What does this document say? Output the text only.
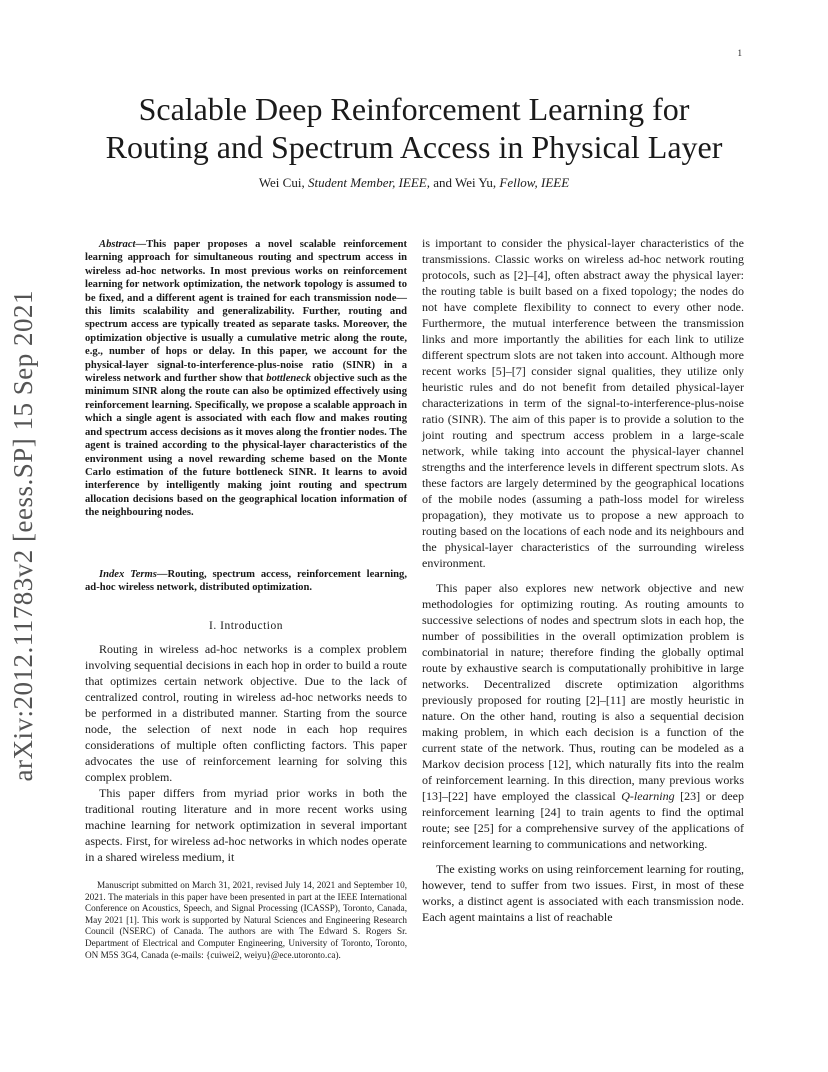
1
arXiv:2012.11783v2 [eess.SP] 15 Sep 2021
Scalable Deep Reinforcement Learning for
Routing and Spectrum Access in Physical Layer
Wei Cui, Student Member, IEEE, and Wei Yu, Fellow, IEEE

Abstract—This paper proposes a novel scalable reinforcement learning approach for simultaneous routing and spectrum access in wireless ad-hoc networks. In most previous works on reinforcement learning for network optimization, the network topology is assumed to be fixed, and a different agent is trained for each transmission node—this limits scalability and generalizability. Further, routing and spectrum access are typically treated as separate tasks. Moreover, the optimization objective is usually a cumulative metric along the route, e.g., number of hops or delay. In this paper, we account for the physical-layer signal-to-interference-plus-noise ratio (SINR) in a wireless network and further show that bottleneck objective such as the minimum SINR along the route can also be optimized effectively using reinforcement learning. Specifically, we propose a scalable approach in which a single agent is associated with each flow and makes routing and spectrum access decisions as it moves along the frontier nodes. The agent is trained according to the physical-layer characteristics of the environment using a novel rewarding scheme based on the Monte Carlo estimation of the future bottleneck SINR. It learns to avoid interference by intelligently making joint routing and spectrum allocation decisions based on the geographical location information of the neighbouring nodes.

Index Terms—Routing, spectrum access, reinforcement learning, ad-hoc wireless network, distributed optimization.

I. Introduction

Routing in wireless ad-hoc networks is a complex problem involving sequential decisions in each hop in order to build a route that optimizes certain network objective. Due to the lack of centralized control, routing in wireless ad-hoc networks needs to be performed in a distributed manner. Starting from the source node, the selection of next node in each hop requires considerations of multiple often conflicting factors. This paper advocates the use of reinforcement learning for solving this complex problem.

This paper differs from myriad prior works in both the traditional routing literature and in more recent works using machine learning for network optimization in several important aspects. First, for wireless ad-hoc networks in which nodes operate in a shared wireless medium, it

Manuscript submitted on March 31, 2021, revised July 14, 2021 and September 10, 2021. The materials in this paper have been presented in part at the IEEE International Conference on Acoustics, Speech, and Signal Processing (ICASSP), Toronto, Canada, May 2021 [1]. This work is supported by Natural Sciences and Engineering Research Council (NSERC) of Canada. The authors are with The Edward S. Rogers Sr. Department of Electrical and Computer Engineering, University of Toronto, Toronto, ON M5S 3G4, Canada (e-mails: {cuiwei2, weiyu}@ece.utoronto.ca).

is important to consider the physical-layer characteristics of the transmissions. Classic works on wireless ad-hoc network routing protocols, such as [2]–[4], often abstract away the physical layer: the routing table is built based on a fixed topology; the nodes do not have complete flexibility to connect to every other node. Furthermore, the mutual interference between the transmission links and more importantly the abilities for each link to utilize different spectrum slots are not taken into account. Although more recent works [5]–[7] consider signal qualities, they utilize only heuristic rules and do not benefit from detailed physical-layer characterizations in term of the signal-to-interference-plus-noise ratio (SINR). The aim of this paper is to provide a solution to the joint routing and spectrum access problem in a large-scale network, while taking into account the physical-layer channel strengths and the interference levels in different spectrum slots. As these factors are largely determined by the geographical locations of the mobile nodes (assuming a path-loss model for wireless propagation), they motivate us to propose a new approach to routing based on the locations of each node and its neighbours and the physical-layer characteristics of the surrounding wireless environment.

This paper also explores new network objective and new methodologies for optimizing routing. As routing amounts to successive selections of nodes and spectrum slots in each hop, the number of possibilities in the overall optimization problem is combinatorial in nature; therefore finding the globally optimal route by exhaustive search is computationally prohibitive in large networks. Decentralized discrete optimization algorithms previously proposed for routing [2]–[11] are mostly heuristic in nature. On the other hand, routing is also a sequential decision making problem, in which each decision is a function of the current state of the network. Thus, routing can be modeled as a Markov decision process [12], which naturally fits into the realm of reinforcement learning. In this direction, many previous works [13]–[22] have employed the classical Q-learning [23] or deep reinforcement learning [24] to train agents to find the optimal route; see [25] for a comprehensive survey of the applications of reinforcement learning to communications and networking.

The existing works on using reinforcement learning for routing, however, tend to suffer from two issues. First, in most of these works, a distinct agent is associated with each transmission node. Each agent maintains a list of reachable
